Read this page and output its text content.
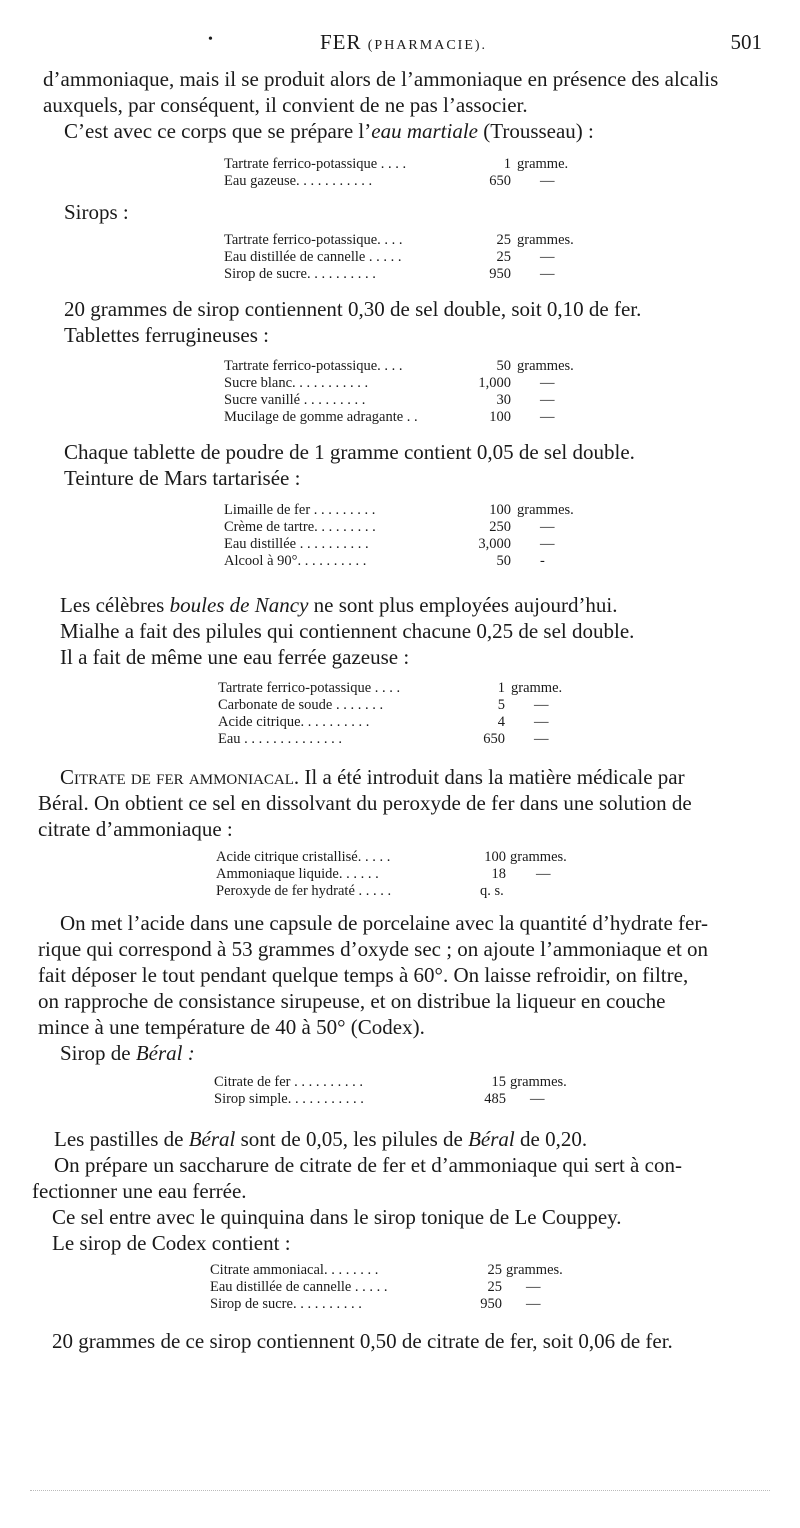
•	FER (PHARMACIE).	501
d’ammoniaque, mais il se produit alors de l’ammoniaque en présence des alcalis
auxquels, par conséquent, il convient de ne pas l’associer.
C’est avec ce corps que se prépare l’eau martiale (Trousseau) :
Tartrate ferrico-potassique . . . .	1 gramme.
Eau gazeuse. . . . . . . . . . .	650 —
Sirops :
Tartrate ferrico-potassique. . . .	25 grammes.
Eau distillée de cannelle . . . . .	25 —
Sirop de sucre. . . . . . . . . .	950 —
20 grammes de sirop contiennent 0,30 de sel double, soit 0,10 de fer.
Tablettes ferrugineuses :
Tartrate ferrico-potassique. . . .	50 grammes.
Sucre blanc. . . . . . . . . . .	1,000 —
Sucre vanillé . . . . . . . . .	30 —
Mucilage de gomme adragante . .	100 —
Chaque tablette de poudre de 1 gramme contient 0,05 de sel double.
Teinture de Mars tartarisée :
Limaille de fer . . . . . . . . .	100 grammes.
Crème de tartre. . . . . . . . .	250 —
Eau distillée . . . . . . . . . .	3,000 —
Alcool à 90°. . . . . . . . . .	50 -
Les célèbres boules de Nancy ne sont plus employées aujourd’hui.
Mialhe a fait des pilules qui contiennent chacune 0,25 de sel double.
Il a fait de même une eau ferrée gazeuse :
Tartrate ferrico-potassique . . . .	1 gramme.
Carbonate de soude . . . . . . .	5 —
Acide citrique. . . . . . . . . .	4 —
Eau . . . . . . . . . . . . . .	650 —
Citrate de fer ammoniacal. Il a été introduit dans la matière médicale par
Béral. On obtient ce sel en dissolvant du peroxyde de fer dans une solution de
citrate d’ammoniaque :
Acide citrique cristallisé. . . . .	100 grammes.
Ammoniaque liquide. . . . . .	18 —
Peroxyde de fer hydraté . . . . .	q. s.
On met l’acide dans une capsule de porcelaine avec la quantité d’hydrate fer-
rique qui correspond à 53 grammes d’oxyde sec ; on ajoute l’ammoniaque et on
fait déposer le tout pendant quelque temps à 60°. On laisse refroidir, on filtre,
on rapproche de consistance sirupeuse, et on distribue la liqueur en couche
mince à une température de 40 à 50° (Codex).
Sirop de Béral :
Citrate de fer . . . . . . . . . .	15 grammes.
Sirop simple. . . . . . . . . . .	485 —
Les pastilles de Béral sont de 0,05, les pilules de Béral de 0,20.
On prépare un saccharure de citrate de fer et d’ammoniaque qui sert à con-
fectionner une eau ferrée.
Ce sel entre avec le quinquina dans le sirop tonique de Le Couppey.
Le sirop de Codex contient :
Citrate ammoniacal. . . . . . . .	25 grammes.
Eau distillée de cannelle . . . . .	25 —
Sirop de sucre. . . . . . . . . .	950 —
20 grammes de ce sirop contiennent 0,50 de citrate de fer, soit 0,06 de fer.
